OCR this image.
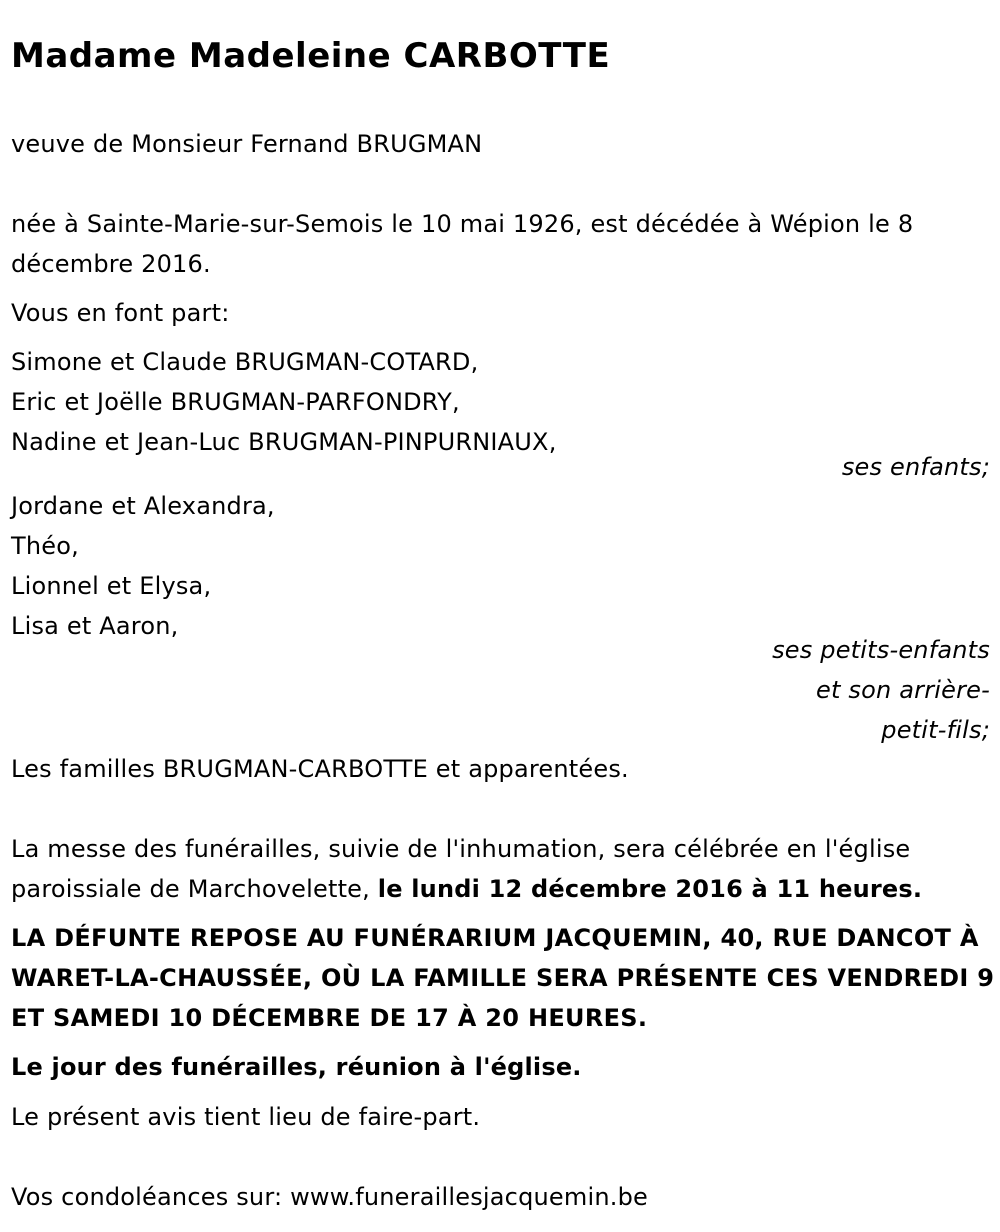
Madame Madeleine CARBOTTE
veuve de Monsieur Fernand BRUGMAN
née à Sainte-Marie-sur-Semois le 10 mai 1926, est décédée à Wépion le 8
décembre 2016.
Vous en font part:
Simone et Claude BRUGMAN-COTARD,
Eric et Joëlle BRUGMAN-PARFONDRY,
Nadine et Jean-Luc BRUGMAN-PINPURNIAUX,
ses enfants;
Jordane et Alexandra,
Théo,
Lionnel et Elysa,
Lisa et Aaron,
ses petits-enfants
et son arrière-
petit-fils;
Les familles BRUGMAN-CARBOTTE et apparentées.
La messe des funérailles, suivie de l'inhumation, sera célébrée en l'église
paroissiale de Marchovelette, le lundi 12 décembre 2016 à 11 heures.
LA DÉFUNTE REPOSE AU FUNÉRARIUM JACQUEMIN, 40, RUE DANCOT À
WARET-LA-CHAUSSÉE, OÙ LA FAMILLE SERA PRÉSENTE CES VENDREDI 9
ET SAMEDI 10 DÉCEMBRE DE 17 À 20 HEURES.
Le jour des funérailles, réunion à l'église.
Le présent avis tient lieu de faire-part.
Vos condoléances sur: www.funeraillesjacquemin.be
